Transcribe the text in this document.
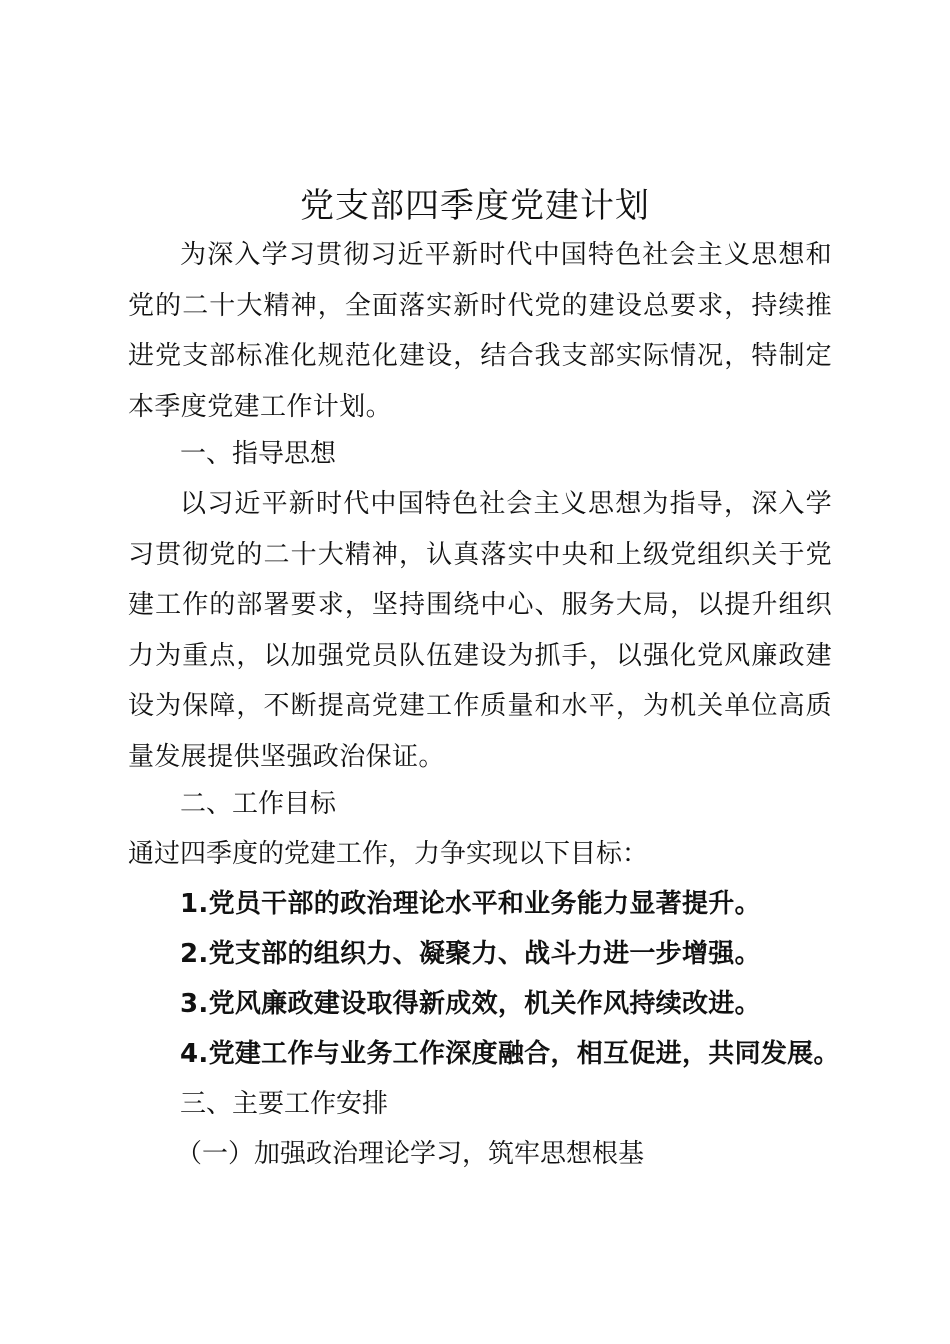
党支部四季度党建计划

为深入学习贯彻习近平新时代中国特色社会主义思想和党的二十大精神，全面落实新时代党的建设总要求，持续推进党支部标准化规范化建设，结合我支部实际情况，特制定本季度党建工作计划。

一、指导思想

以习近平新时代中国特色社会主义思想为指导，深入学习贯彻党的二十大精神，认真落实中央和上级党组织关于党建工作的部署要求，坚持围绕中心、服务大局，以提升组织力为重点，以加强党员队伍建设为抓手，以强化党风廉政建设为保障，不断提高党建工作质量和水平，为机关单位高质量发展提供坚强政治保证。

二、工作目标

通过四季度的党建工作，力争实现以下目标：

1.党员干部的政治理论水平和业务能力显著提升。

2.党支部的组织力、凝聚力、战斗力进一步增强。

3.党风廉政建设取得新成效，机关作风持续改进。

4.党建工作与业务工作深度融合，相互促进，共同发展。

三、主要工作安排

（一）加强政治理论学习，筑牢思想根基
